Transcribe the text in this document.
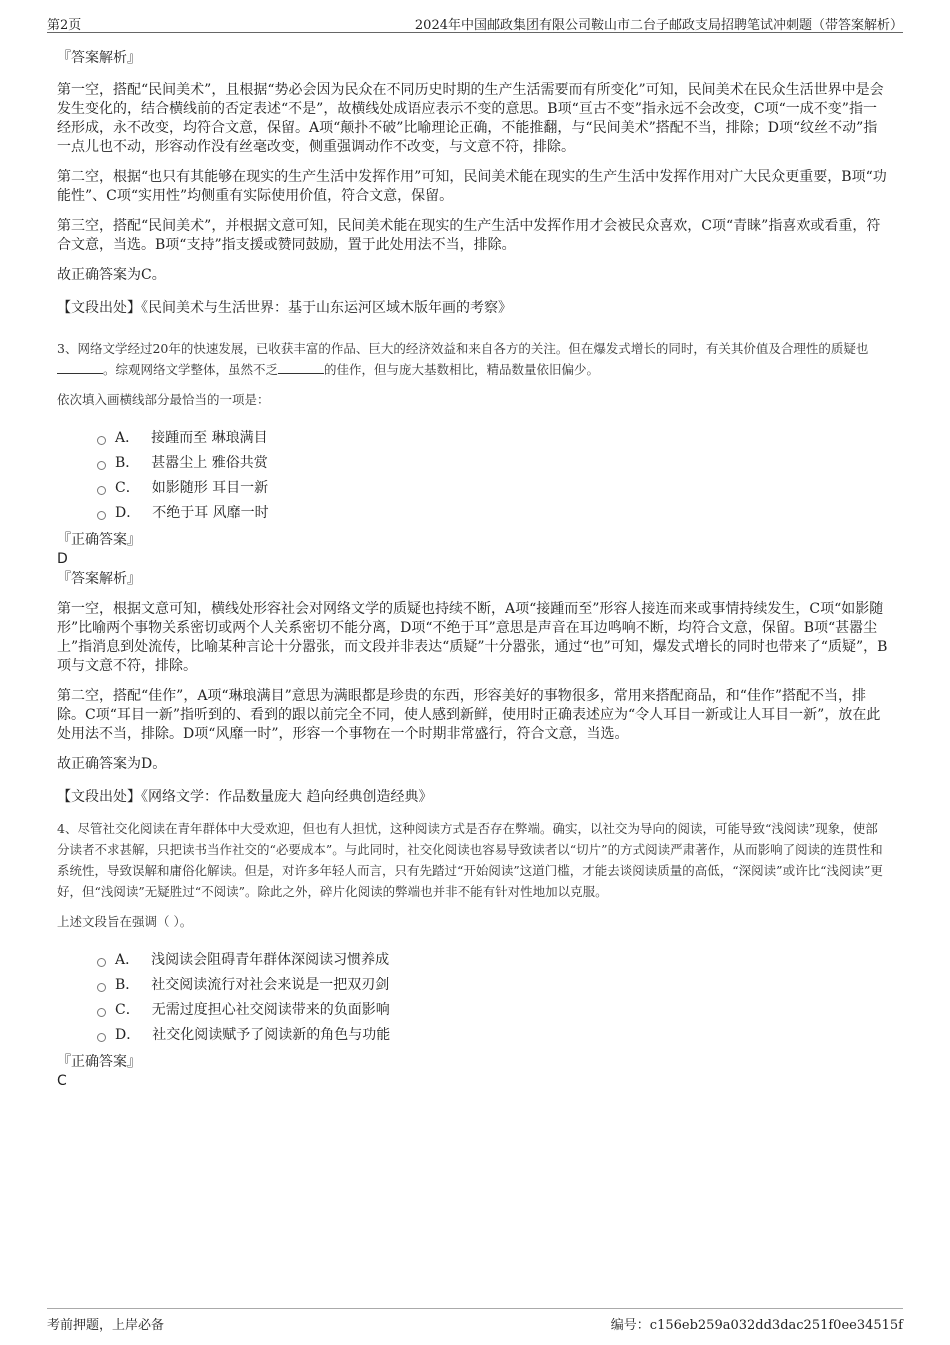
第2页	2024年中国邮政集团有限公司鞍山市二台子邮政支局招聘笔试冲刺题（带答案解析）

『答案解析』

第一空，搭配“民间美术”，且根据“势必会因为民众在不同历史时期的生产生活需要而有所变化”可知，民间美术在民众生活世界中是会发生变化的，结合横线前的否定表述“不是”，故横线处成语应表示不变的意思。B项“亘古不变”指永远不会改变，C项“一成不变”指一经形成，永不改变，均符合文意，保留。A项“颠扑不破”比喻理论正确，不能推翻，与“民间美术”搭配不当，排除；D项“纹丝不动”指一点儿也不动，形容动作没有丝毫改变，侧重强调动作不改变，与文意不符，排除。

第二空，根据“也只有其能够在现实的生产生活中发挥作用”可知，民间美术能在现实的生产生活中发挥作用对广大民众更重要，B项“功能性”、C项“实用性”均侧重有实际使用价值，符合文意，保留。

第三空，搭配“民间美术”，并根据文意可知，民间美术能在现实的生产生活中发挥作用才会被民众喜欢，C项“青睐”指喜欢或看重，符合文意，当选。B项“支持”指支援或赞同鼓励，置于此处用法不当，排除。

故正确答案为C。

【文段出处】《民间美术与生活世界：基于山东运河区域木版年画的考察》

3、网络文学经过20年的快速发展，已收获丰富的作品、巨大的经济效益和来自各方的关注。但在爆发式增长的同时，有关其价值及合理性的质疑也。综观网络文学整体，虽然不乏	的佳作，但与庞大基数相比，精品数量依旧偏少。

依次填入画横线部分最恰当的一项是：

A． 接踵而至 琳琅满目
B． 甚嚣尘上 雅俗共赏
C． 如影随形 耳目一新
D． 不绝于耳 风靡一时

『正确答案』

D

『答案解析』

第一空，根据文意可知，横线处形容社会对网络文学的质疑也持续不断，A项“接踵而至”形容人接连而来或事情持续发生，C项“如影随形”比喻两个事物关系密切或两个人关系密切不能分离，D项“不绝于耳”意思是声音在耳边鸣响不断，均符合文意，保留。B项“甚嚣尘上”指消息到处流传，比喻某种言论十分嚣张，而文段并非表达“质疑”十分嚣张，通过“也”可知，爆发式增长的同时也带来了“质疑”，B项与文意不符，排除。

第二空，搭配“佳作”，A项“琳琅满目”意思为满眼都是珍贵的东西，形容美好的事物很多，常用来搭配商品，和“佳作”搭配不当，排除。C项“耳目一新”指听到的、看到的跟以前完全不同，使人感到新鲜，使用时正确表述应为“令人耳目一新或让人耳目一新”，放在此处用法不当，排除。D项“风靡一时”，形容一个事物在一个时期非常盛行，符合文意，当选。

故正确答案为D。

【文段出处】《网络文学：作品数量庞大 趋向经典创造经典》

4、尽管社交化阅读在青年群体中大受欢迎，但也有人担忧，这种阅读方式是否存在弊端。确实，以社交为导向的阅读，可能导致“浅阅读”现象，使部分读者不求甚解，只把读书当作社交的“必要成本”。与此同时，社交化阅读也容易导致读者以“切片”的方式阅读严肃著作，从而影响了阅读的连贯性和系统性，导致误解和庸俗化解读。但是，对许多年轻人而言，只有先踏过“开始阅读”这道门槛，才能去谈阅读质量的高低，“深阅读”或许比“浅阅读”更好，但“浅阅读”无疑胜过“不阅读”。除此之外，碎片化阅读的弊端也并非不能有针对性地加以克服。

上述文段旨在强调（ ）。

A． 浅阅读会阻碍青年群体深阅读习惯养成
B． 社交阅读流行对社会来说是一把双刃剑
C． 无需过度担心社交阅读带来的负面影响
D． 社交化阅读赋予了阅读新的角色与功能

『正确答案』

C

考前押题，上岸必备	编号：c156eb259a032dd3dac251f0ee34515f
